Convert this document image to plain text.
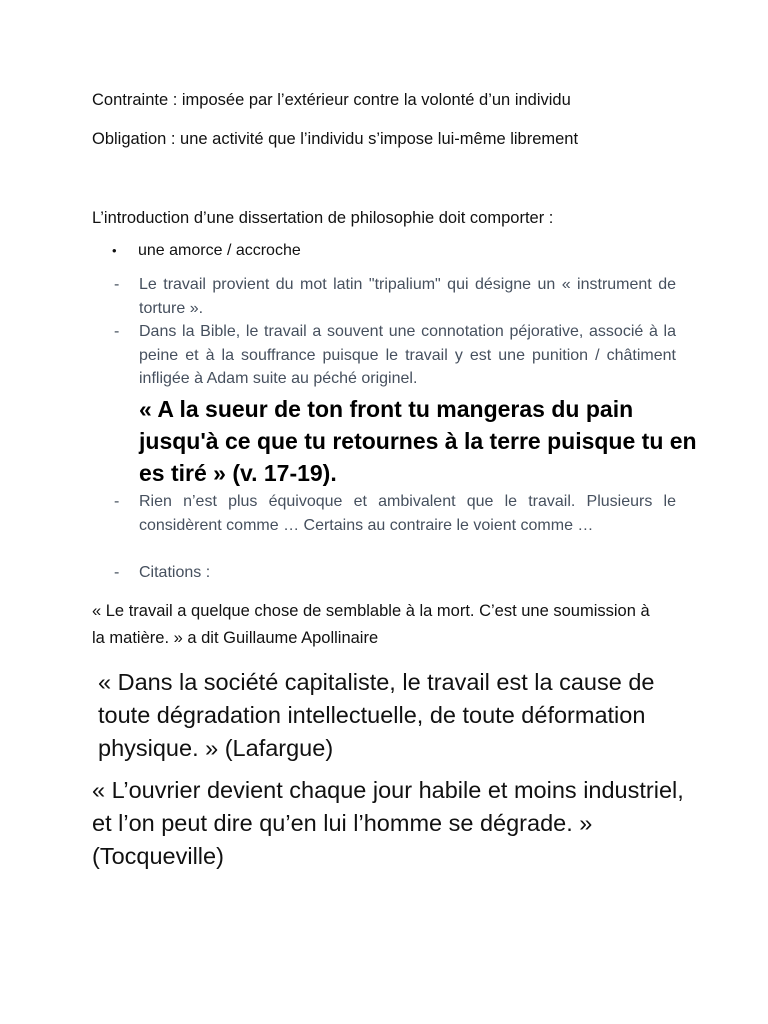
Contrainte : imposée par l’extérieur contre la volonté d’un individu
Obligation : une activité que l’individu s’impose lui-même librement
L’introduction d’une dissertation de philosophie doit comporter :
• une amorce / accroche
- Le travail provient du mot latin "tripalium" qui désigne un « instrument de torture ».
- Dans la Bible, le travail a souvent une connotation péjorative, associé à la peine et à la souffrance puisque le travail y est une punition / châtiment infligée à Adam suite au péché originel.
« A la sueur de ton front tu mangeras du pain jusqu'à ce que tu retournes à la terre puisque tu en es tiré » (v. 17-19).
- Rien n’est plus équivoque et ambivalent que le travail. Plusieurs le considèrent comme … Certains au contraire le voient comme …
- Citations :
« Le travail a quelque chose de semblable à la mort. C’est une soumission à la matière. » a dit Guillaume Apollinaire
« Dans la société capitaliste, le travail est la cause de toute dégradation intellectuelle, de toute déformation physique. » (Lafargue)
« L’ouvrier devient chaque jour habile et moins industriel, et l’on peut dire qu’en lui l’homme se dégrade. » (Tocqueville)
